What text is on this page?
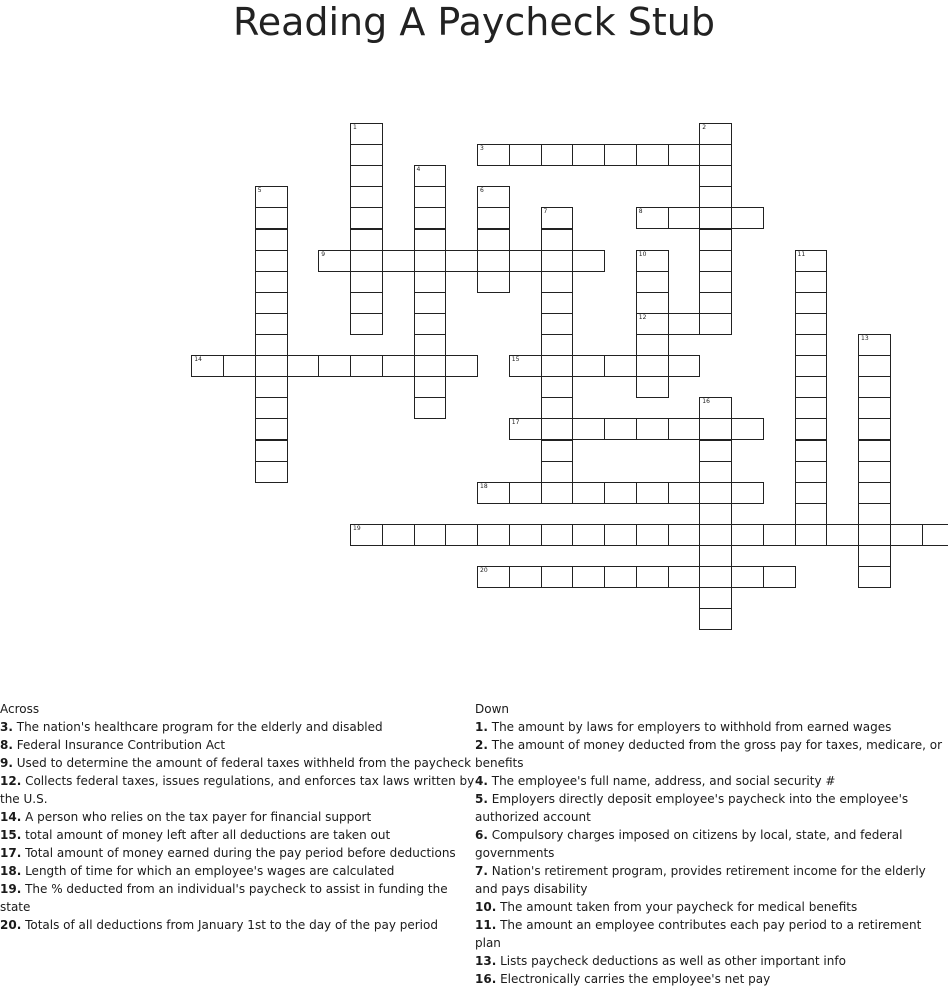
Reading A Paycheck Stub
1	2
3
4
5	6
7	8
9	10
12
11
13
14	15
16
17
18
19
20
Across
3. The nation's healthcare program for the elderly and disabled
8. Federal Insurance Contribution Act
9. Used to determine the amount of federal taxes withheld from the paycheck
12. Collects federal taxes, issues regulations, and enforces tax laws written by the U.S.
14. A person who relies on the tax payer for financial support
15. total amount of money left after all deductions are taken out
17. Total amount of money earned during the pay period before deductions
18. Length of time for which an employee's wages are calculated
19. The % deducted from an individual's paycheck to assist in funding the state
20. Totals of all deductions from January 1st to the day of the pay period
Down
1. The amount by laws for employers to withhold from earned wages
2. The amount of money deducted from the gross pay for taxes, medicare, or benefits
4. The employee's full name, address, and social security #
5. Employers directly deposit employee's paycheck into the employee's authorized account
6. Compulsory charges imposed on citizens by local, state, and federal governments
7. Nation's retirement program, provides retirement income for the elderly and pays disability
10. The amount taken from your paycheck for medical benefits
11. The amount an employee contributes each pay period to a retirement plan
13. Lists paycheck deductions as well as other important info
16. Electronically carries the employee's net pay
